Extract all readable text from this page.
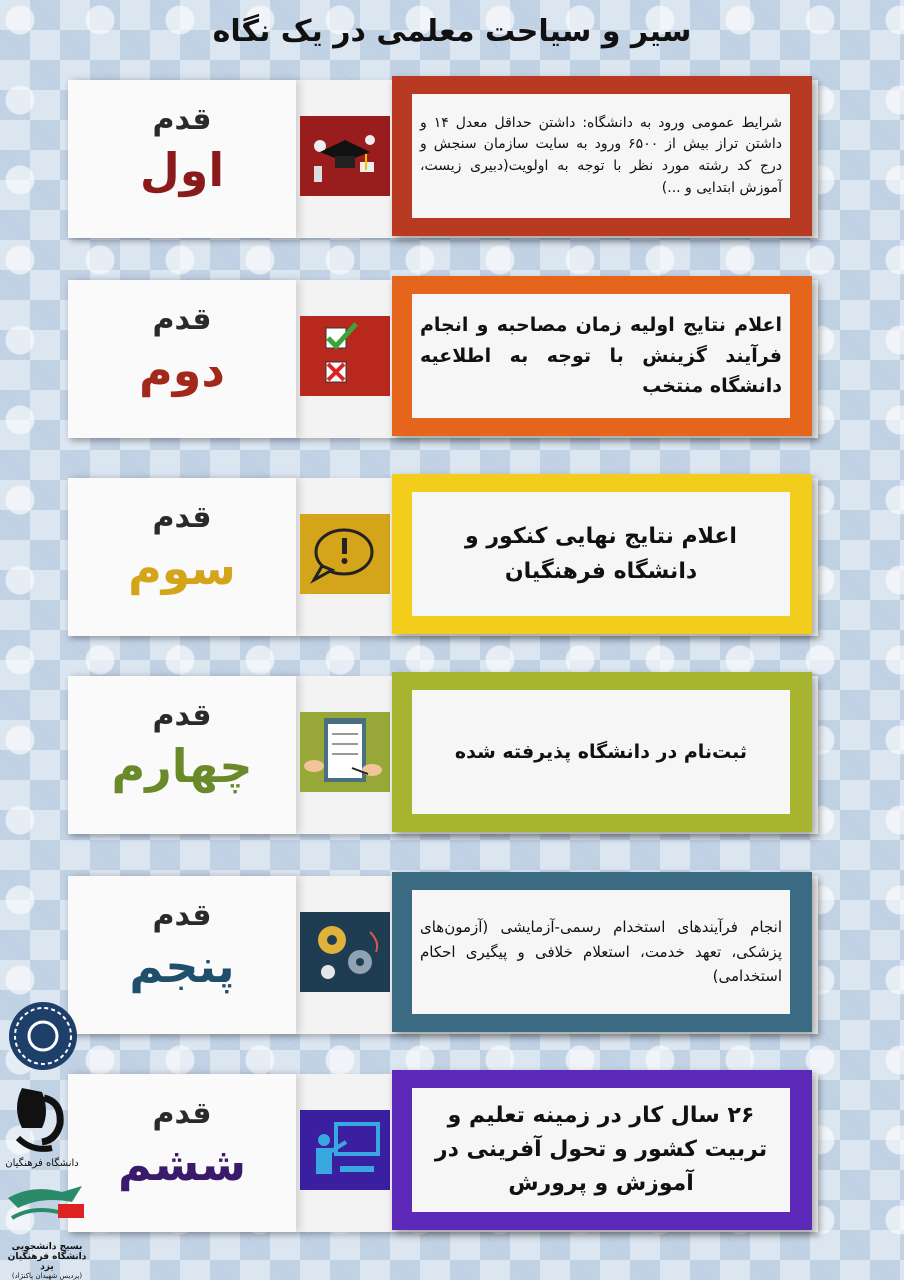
سیر و سیاحت معلمی در یک نگاه
قدم
اول
شرایط عمومی ورود به دانشگاه: داشتن حداقل معدل ۱۴ و داشتن تراز بیش از ۶۵۰۰ ورود به سایت سازمان سنجش و درج کد رشته مورد نظر با توجه به اولویت(دبیری زیست، آموزش ابتدایی و ...)
قدم
دوم
اعلام نتایج اولیه زمان مصاحبه و انجام فرآیند گزینش با توجه به اطلاعیه دانشگاه منتخب
قدم
سوم
اعلام نتایج نهایی کنکور و دانشگاه فرهنگیان
قدم
چهارم	ثبت‌نام در دانشگاه پذیرفته شده
قدم
پنجم
انجام فرآیندهای استخدام رسمی-آزمایشی (آزمون‌های پزشکی، تعهد خدمت، استعلام خلافی و پیگیری احکام استخدامی)
قدم
ششم
۲۶ سال کار در زمینه تعلیم و تربیت کشور و تحول آفرینی در آموزش و پرورش
دانشگاه فرهنگیان
بسیج دانشجویی
دانشگاه فرهنگیان یزد
(پردیس شهیدان پاکنژاد)
